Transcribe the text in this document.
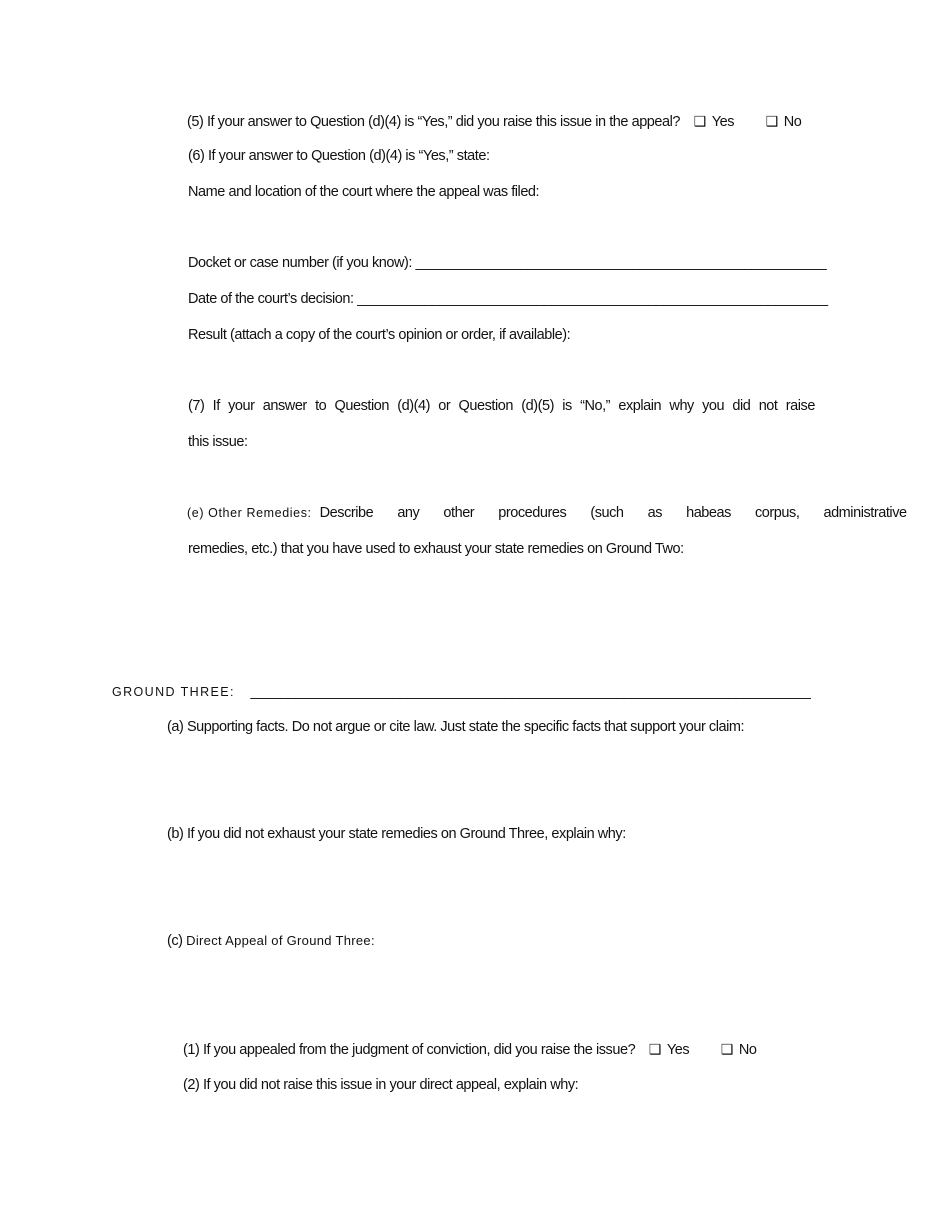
(5) If your answer to Question (d)(4) is “Yes,” did you raise this issue in the appeal? ❑ Yes ❑ No
(6) If your answer to Question (d)(4) is “Yes,” state:
Name and location of the court where the appeal was filed:
Docket or case number (if you know): _______________________________________________________
Date of the court’s decision: _______________________________________________________________
Result (attach a copy of the court’s opinion or order, if available):
(7) If your answer to Question (d)(4) or Question (d)(5) is “No,” explain why you did not raise
this issue:
(e) Other Remedies: Describe any other procedures (such as habeas corpus, administrative
remedies, etc.) that you have used to exhaust your state remedies on Ground Two:
GROUND THREE: ___________________________________________________________________________
(a) Supporting facts. Do not argue or cite law. Just state the specific facts that support your claim:
(b) If you did not exhaust your state remedies on Ground Three, explain why:
(c) Direct Appeal of Ground Three:
(1) If you appealed from the judgment of conviction, did you raise the issue? ❑ Yes ❑ No
(2) If you did not raise this issue in your direct appeal, explain why:
